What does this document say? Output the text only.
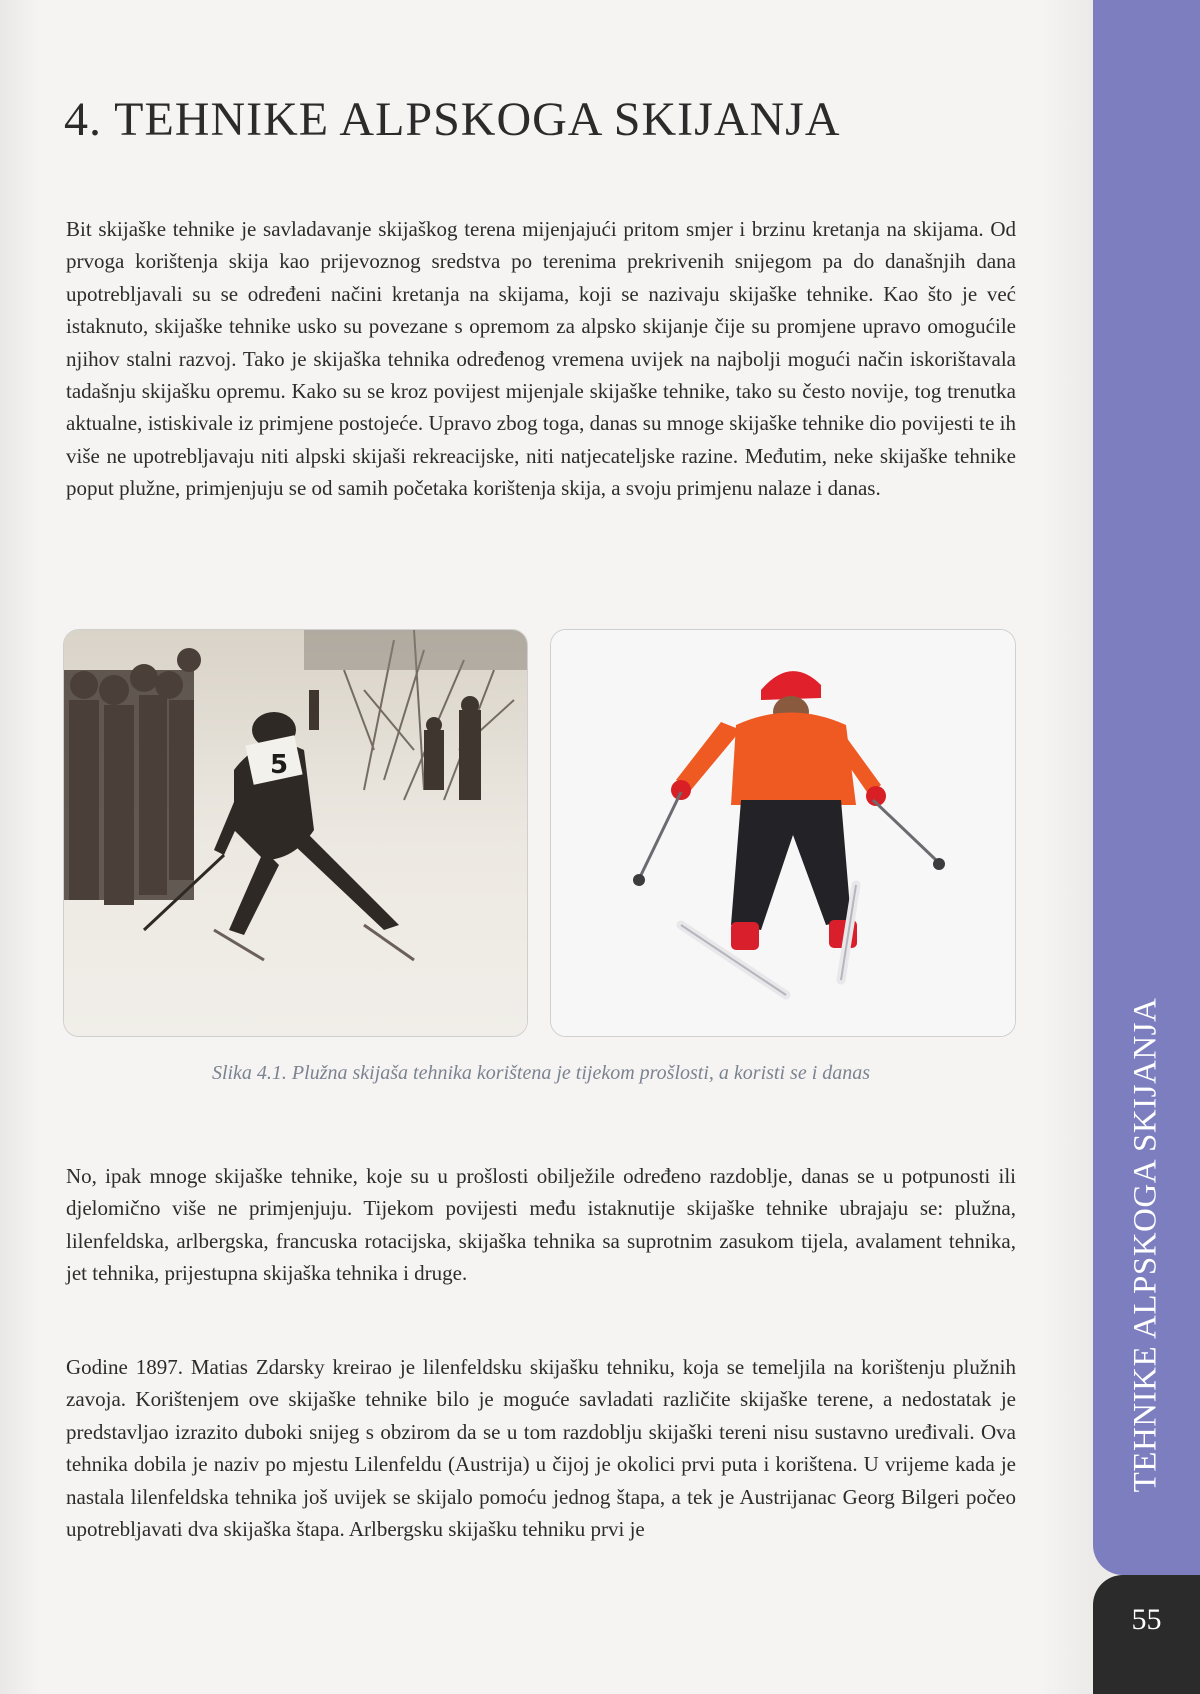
4. TEHNIKE ALPSKOGA SKIJANJA

Bit skijaške tehnike je savladavanje skijaškog terena mijenjajući pritom smjer i brzinu kretanja na skijama. Od prvoga korištenja skija kao prijevoznog sredstva po terenima prekrivenih snijegom pa do današnjih dana upotrebljavali su se određeni načini kretanja na skijama, koji se nazivaju skijaške tehnike. Kao što je već istaknuto, skijaške tehnike usko su povezane s opremom za alpsko skijanje čije su promjene upravo omogućile njihov stalni razvoj. Tako je skijaška tehnika određenog vremena uvijek na najbolji mogući način iskorištavala tadašnju skijašku opremu. Kako su se kroz povijest mijenjale skijaške tehnike, tako su često novije, tog trenutka aktualne, istiskivale iz primjene postojeće. Upravo zbog toga, danas su mnoge skijaške tehnike dio povijesti te ih više ne upotrebljavaju niti alpski skijaši rekreacijske, niti natjecateljske razine. Međutim, neke skijaške tehnike poput plužne, primjenjuju se od samih početaka korištenja skija, a svoju primjenu nalaze i danas.

5
Slika 4.1. Plužna skijaša tehnika korištena je tijekom prošlosti, a koristi se i danas

No, ipak mnoge skijaške tehnike, koje su u prošlosti obilježile određeno razdoblje, danas se u potpunosti ili djelomično više ne primjenjuju. Tijekom povijesti među istaknutije skijaške tehnike ubrajaju se: plužna, lilenfeldska, arlbergska, francuska rotacijska, skijaška tehnika sa suprotnim zasukom tijela, avalament tehnika, jet tehnika, prijestupna skijaška tehnika i druge.

Godine 1897. Matias Zdarsky kreirao je lilenfeldsku skijašku tehniku, koja se temeljila na korištenju plužnih zavoja. Korištenjem ove skijaške tehnike bilo je moguće savladati različite skijaške terene, a nedostatak je predstavljao izrazito duboki snijeg s obzirom da se u tom razdoblju skijaški tereni nisu sustavno uređivali. Ova tehnika dobila je naziv po mjestu Lilenfeldu (Austrija) u čijoj je okolici prvi puta i korištena. U vrijeme kada je nastala lilenfeldska tehnika još uvijek se skijalo pomoću jednog štapa, a tek je Austrijanac Georg Bilgeri počeo upotrebljavati dva skijaška štapa. Arlbergsku skijašku tehniku prvi je

TEHNIKE ALPSKOGA SKIJANJA
55
